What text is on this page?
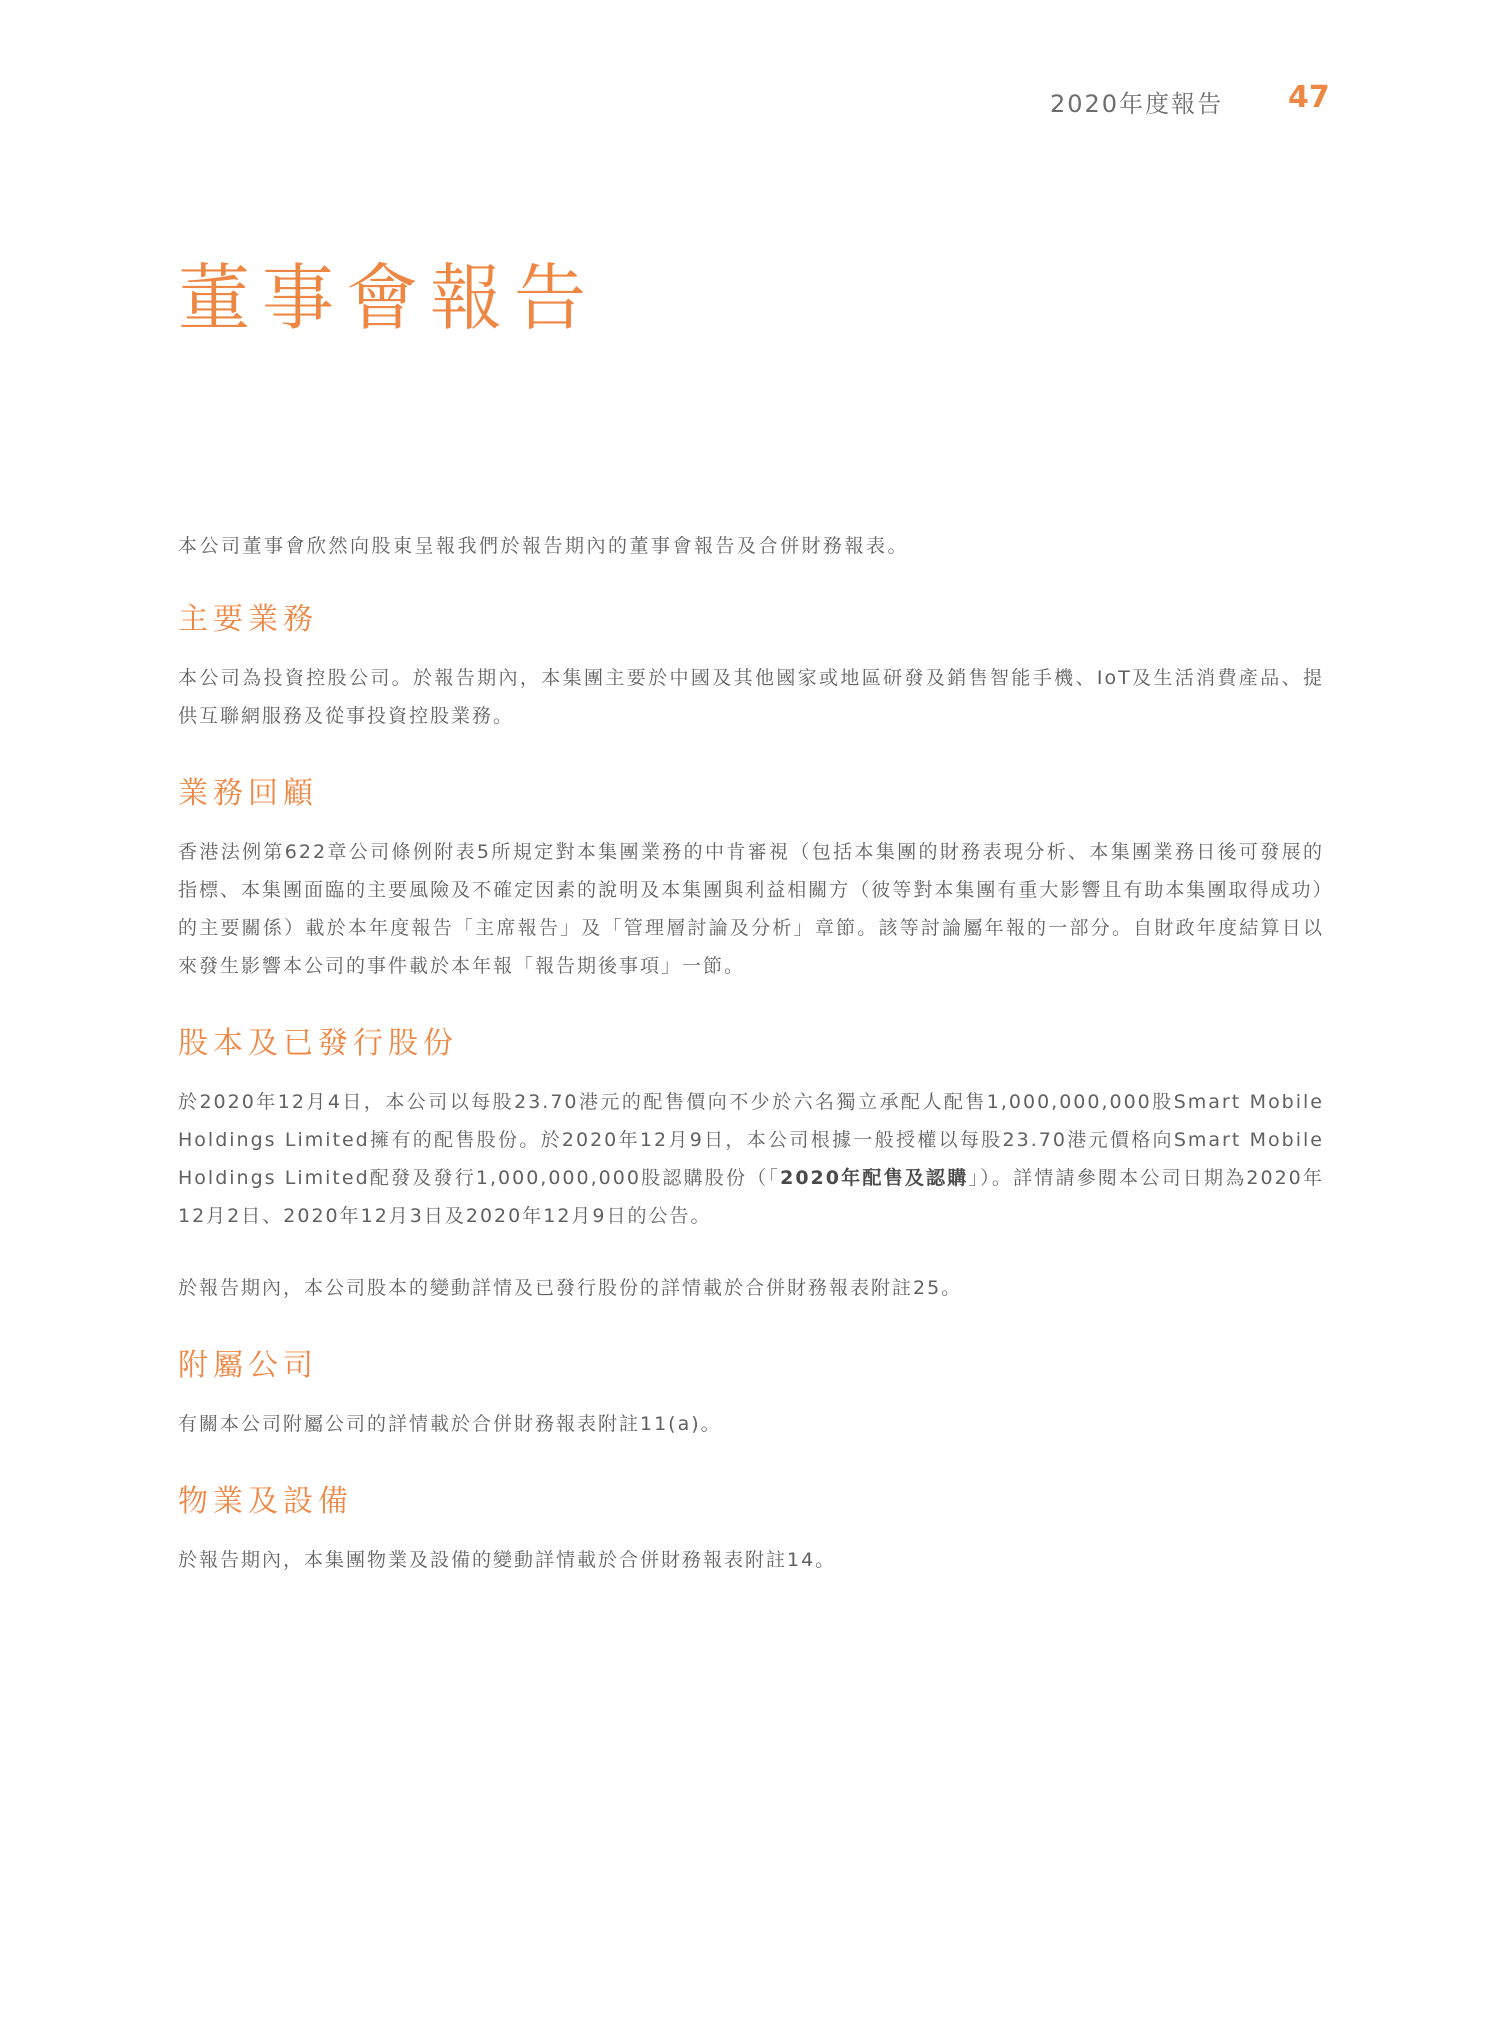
2020年度報告 47
董事會報告

本公司董事會欣然向股東呈報我們於報告期內的董事會報告及合併財務報表。

主要業務

本公司為投資控股公司。於報告期內，本集團主要於中國及其他國家或地區研發及銷售智能手機、IoT及生活消費產品、提供互聯網服務及從事投資控股業務。

業務回顧

香港法例第622章公司條例附表5所規定對本集團業務的中肯審視（包括本集團的財務表現分析、本集團業務日後可發展的指標、本集團面臨的主要風險及不確定因素的說明及本集團與利益相關方（彼等對本集團有重大影響且有助本集團取得成功）的主要關係）載於本年度報告「主席報告」及「管理層討論及分析」章節。該等討論屬年報的一部分。自財政年度結算日以來發生影響本公司的事件載於本年報「報告期後事項」一節。

股本及已發行股份

於2020年12月4日，本公司以每股23.70港元的配售價向不少於六名獨立承配人配售1,000,000,000股Smart Mobile Holdings Limited擁有的配售股份。於2020年12月9日，本公司根據一般授權以每股23.70港元價格向Smart Mobile Holdings Limited配發及發行1,000,000,000股認購股份（「2020年配售及認購」）。詳情請參閱本公司日期為2020年12月2日、2020年12月3日及2020年12月9日的公告。

於報告期內，本公司股本的變動詳情及已發行股份的詳情載於合併財務報表附註25。

附屬公司

有關本公司附屬公司的詳情載於合併財務報表附註11(a)。

物業及設備

於報告期內，本集團物業及設備的變動詳情載於合併財務報表附註14。
